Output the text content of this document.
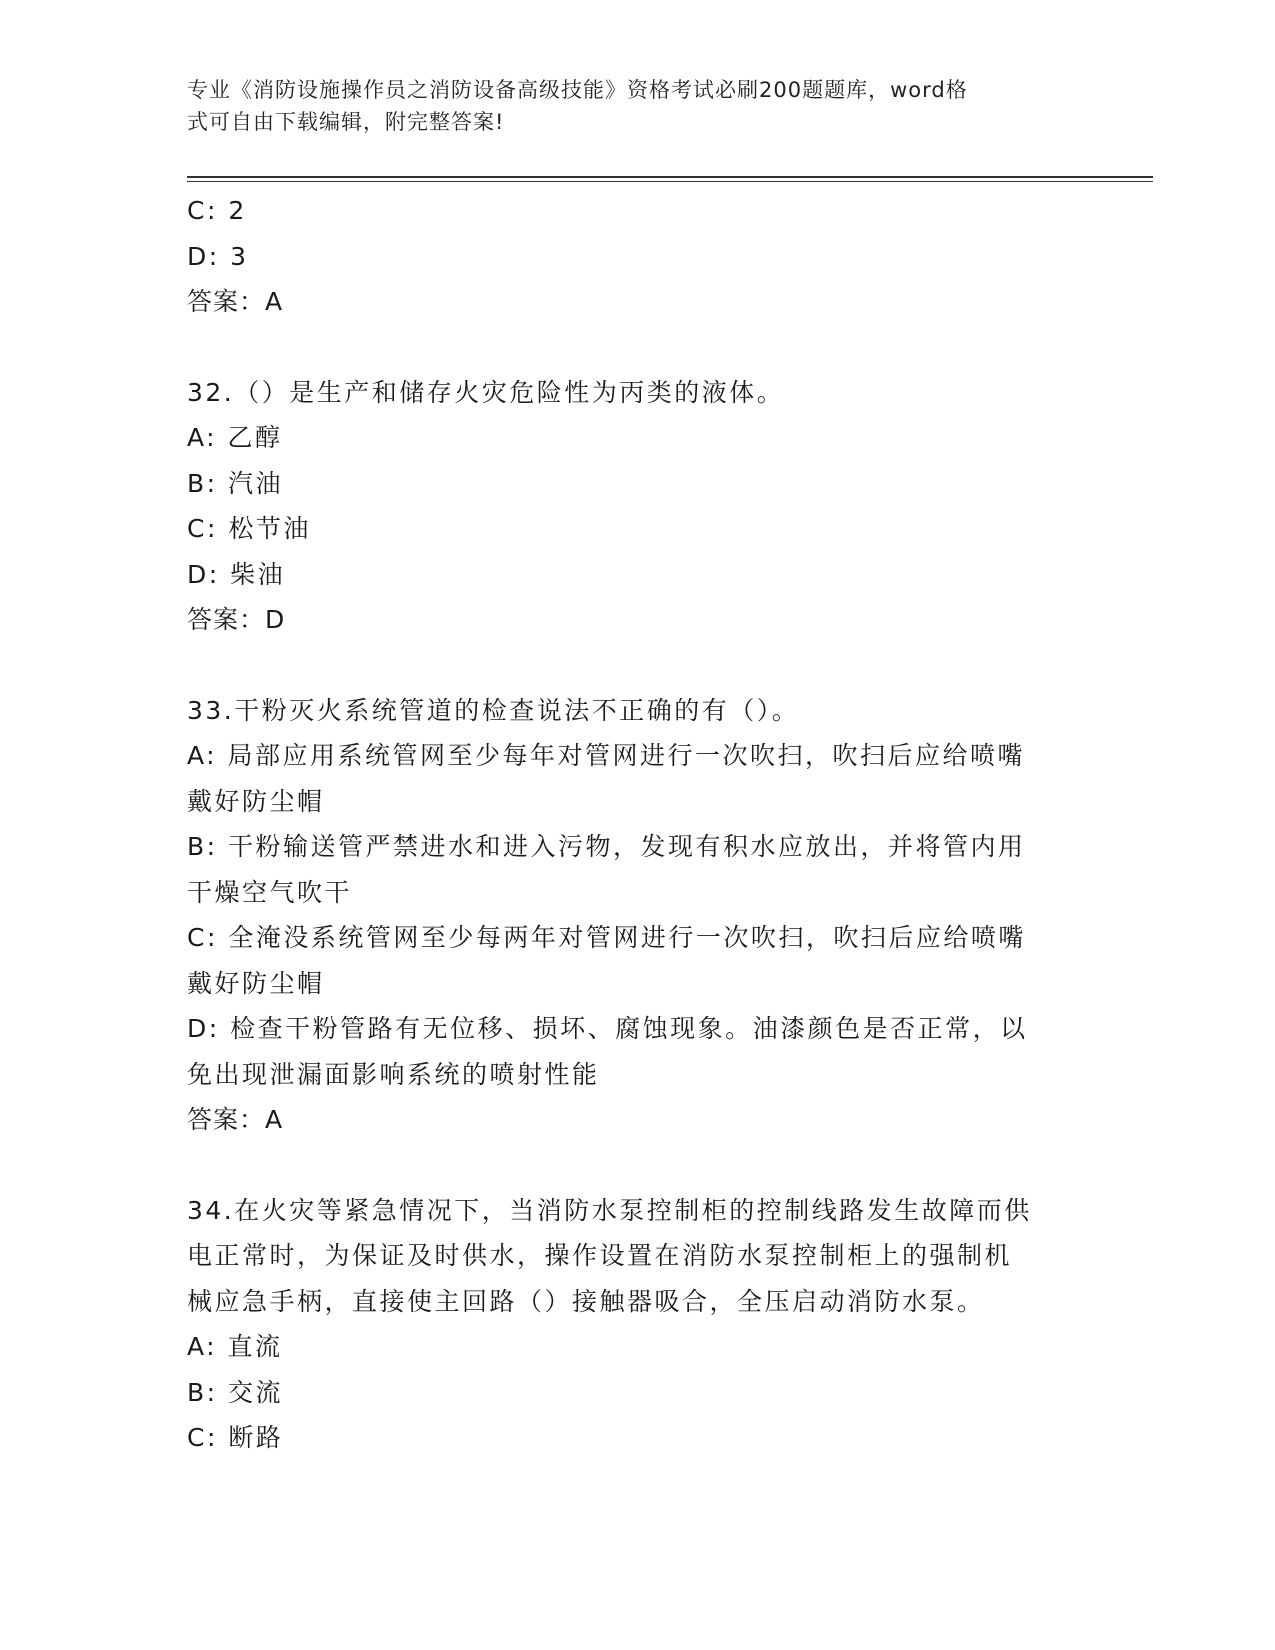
专业《消防设施操作员之消防设备高级技能》资格考试必刷200题题库，word格
式可自由下载编辑，附完整答案!
C: 2
D: 3
答案：A
32.（）是生产和储存火灾危险性为丙类的液体。
A: 乙醇
B: 汽油
C: 松节油
D: 柴油
答案：D
33.干粉灭火系统管道的检查说法不正确的有（）。
A: 局部应用系统管网至少每年对管网进行一次吹扫，吹扫后应给喷嘴
戴好防尘帽
B: 干粉输送管严禁进水和进入污物，发现有积水应放出，并将管内用
干燥空气吹干
C: 全淹没系统管网至少每两年对管网进行一次吹扫，吹扫后应给喷嘴
戴好防尘帽
D: 检查干粉管路有无位移、损坏、腐蚀现象。油漆颜色是否正常，以
免出现泄漏面影响系统的喷射性能
答案：A
34.在火灾等紧急情况下，当消防水泵控制柜的控制线路发生故障而供
电正常时，为保证及时供水，操作设置在消防水泵控制柜上的强制机
械应急手柄，直接使主回路（）接触器吸合，全压启动消防水泵。
A: 直流
B: 交流
C: 断路
